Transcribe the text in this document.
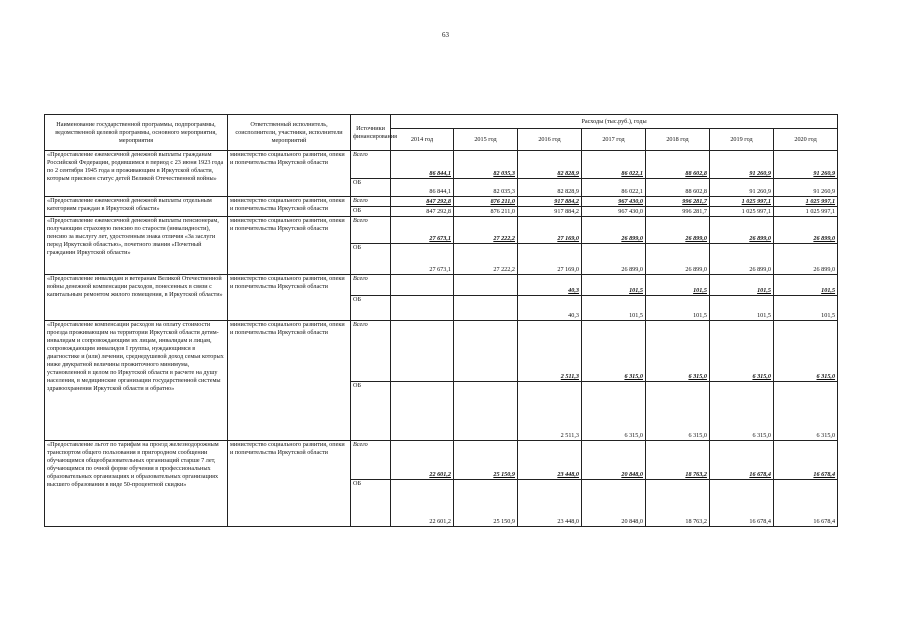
63
Наименование государственной программы, подпрограммы, ведомственной целевой программы, основного мероприятия, мероприятия	Ответственный исполнитель, соисполнители, участники, исполнители мероприятий	Источники финансирования	Расходы (тыс.руб.), годы						
			2014 год	2015 год	2016 год	2017 год	2018 год	2019 год	2020 год
«Предоставление ежемесячной денежной выплаты гражданам Российской Федерации, родившимся в период с 23 июня 1923 года по 2 сентября 1945 года и проживающим в Иркутской области, которым присвоен статус детей Великой Отечественной войны»	министерство социального развития, опеки и попечительства Иркутской области	Всего	86 844,1	82 035,3	82 828,9	86 022,1	88 602,8	91 260,9	91 260,9
		ОБ	86 844,1	82 035,3	82 828,9	86 022,1	88 602,8	91 260,9	91 260,9
«Предоставление ежемесячной денежной выплаты отдельным категориям граждан в Иркутской области»	министерство социального развития, опеки и попечительства Иркутской области	Всего	847 292,8	876 211,0	917 884,2	967 430,0	996 281,7	1 025 997,1	1 025 997,1
		ОБ	847 292,8	876 211,0	917 884,2	967 430,0	996 281,7	1 025 997,1	1 025 997,1
«Предоставление ежемесячной денежной выплаты пенсионерам, получающим страховую пенсию по старости (инвалидности), пенсию за выслугу лет, удостоенным знака отличия «За заслуги перед Иркутской областью», почетного звания «Почетный гражданин Иркутской области»	министерство социального развития, опеки и попечительства Иркутской области	Всего	27 673,1	27 222,2	27 169,0	26 899,0	26 899,0	26 899,0	26 899,0
		ОБ	27 673,1	27 222,2	27 169,0	26 899,0	26 899,0	26 899,0	26 899,0
«Предоставление инвалидам и ветеранам Великой Отечественной войны денежной компенсации расходов, понесенных в связи с капитальным ремонтом жилого помещения, в Иркутской области»	министерство социального развития, опеки и попечительства Иркутской области	Всего			40,3	101,5	101,5	101,5	101,5
		ОБ			40,3	101,5	101,5	101,5	101,5
«Предоставление компенсации расходов на оплату стоимости проезда проживающим на территории Иркутской области детям-инвалидам и сопровождающим их лицам, инвалидам и лицам, сопровождающим инвалидов I группы, нуждающимся в диагностике и (или) лечении, среднедушевой доход семьи которых ниже двукратной величины прожиточного минимума, установленной в целом по Иркутской области в расчете на душу населения, в медицинские организации государственной системы здравоохранения Иркутской области и обратно»	министерство социального развития, опеки и попечительства Иркутской области	Всего			2 511,3	6 315,0	6 315,0	6 315,0	6 315,0
		ОБ			2 511,3	6 315,0	6 315,0	6 315,0	6 315,0
«Предоставление льгот по тарифам на проезд железнодорожным транспортом общего пользования в пригородном сообщении обучающимся общеобразовательных организаций старше 7 лет, обучающимся по очной форме обучения в профессиональных образовательных организациях и образовательных организациях высшего образования в виде 50-процентной скидки»	министерство социального развития, опеки и попечительства Иркутской области	Всего	22 601,2	25 150,9	23 448,0	20 848,0	18 763,2	16 678,4	16 678,4
		ОБ	22 601,2	25 150,9	23 448,0	20 848,0	18 763,2	16 678,4	16 678,4
